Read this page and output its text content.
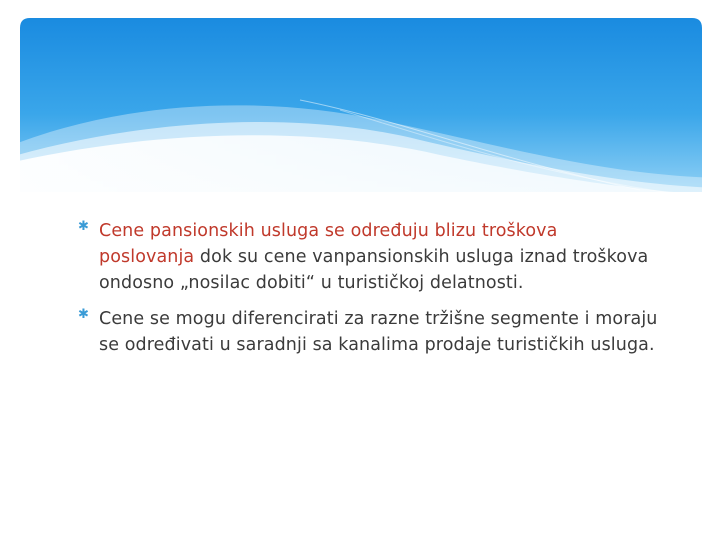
✱ Cene pansionskih usluga se određuju blizu troškova poslovanja dok su cene vanpansionskih usluga iznad troškova ondosno „nosilac dobiti“ u turističkoj delatnosti.
✱ Cene se mogu diferencirati za razne tržišne segmente i moraju se određivati u saradnji sa kanalima prodaje turističkih usluga.
